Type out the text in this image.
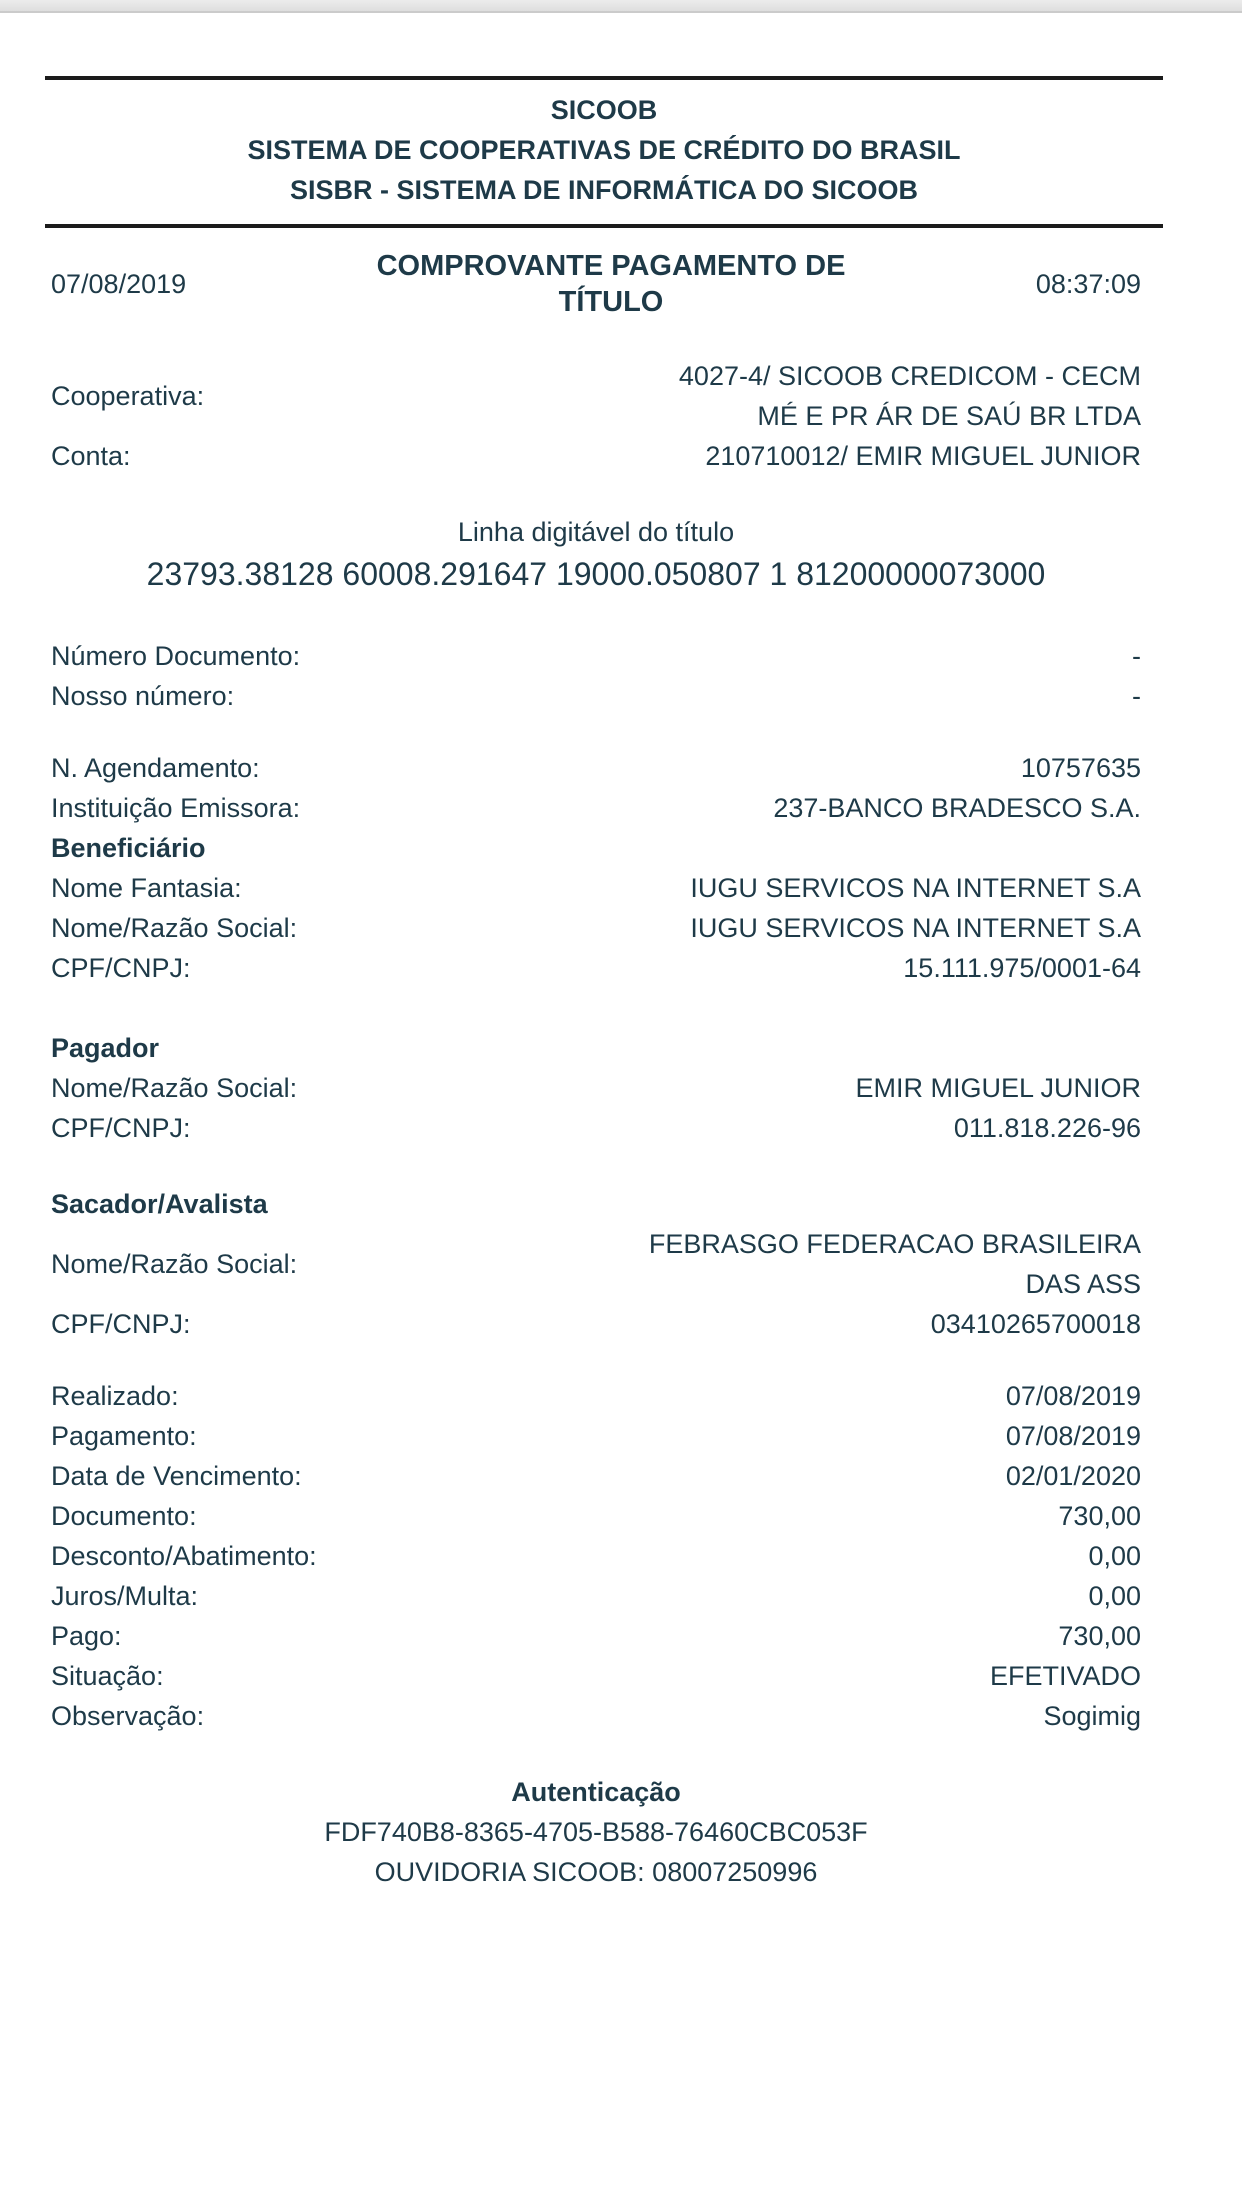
SICOOB
SISTEMA DE COOPERATIVAS DE CRÉDITO DO BRASIL
SISBR - SISTEMA DE INFORMÁTICA DO SICOOB
07/08/2019
COMPROVANTE PAGAMENTO DE TÍTULO
08:37:09
Cooperativa:
4027-4/ SICOOB CREDICOM - CECM MÉ E PR ÁR DE SAÚ BR LTDA
Conta:	210710012/ EMIR MIGUEL JUNIOR
Linha digitável do título
23793.38128 60008.291647 19000.050807 1 81200000073000
Número Documento:	-
Nosso número:	-
N. Agendamento:	10757635
Instituição Emissora:	237-BANCO BRADESCO S.A.
Beneficiário
Nome Fantasia:	IUGU SERVICOS NA INTERNET S.A
Nome/Razão Social:	IUGU SERVICOS NA INTERNET S.A
CPF/CNPJ:	15.111.975/0001-64
Pagador
Nome/Razão Social:	EMIR MIGUEL JUNIOR
CPF/CNPJ:	011.818.226-96
Sacador/Avalista
Nome/Razão Social:
FEBRASGO FEDERACAO BRASILEIRA DAS ASS
CPF/CNPJ:	03410265700018
Realizado:	07/08/2019
Pagamento:	07/08/2019
Data de Vencimento:	02/01/2020
Documento:	730,00
Desconto/Abatimento:	0,00
Juros/Multa:	0,00
Pago:	730,00
Situação:	EFETIVADO
Observação:	Sogimig
Autenticação
FDF740B8-8365-4705-B588-76460CBC053F
OUVIDORIA SICOOB: 08007250996
